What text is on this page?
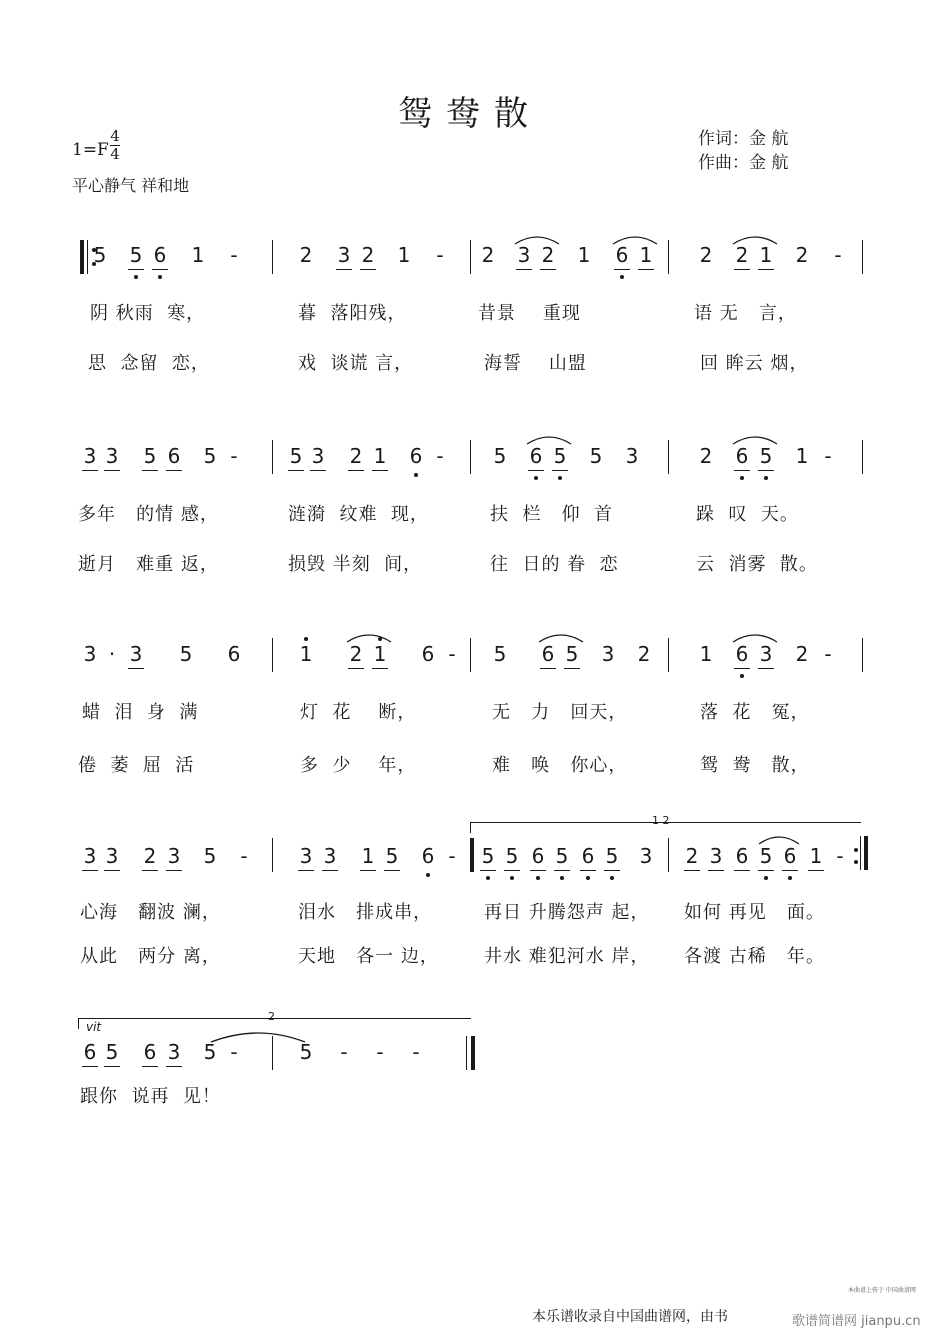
鸳鸯散
1=F
4
4
平心静气 祥和地
作词：金 航
作曲：金 航
5 5 6 1	-	2 3 2 1	-	2 3 2 1 6 1 2 2 1 2	-
阴 秋雨  寒，	暮  落阳残，	昔景    重现	语 无   言，
思  念留  恋，	戏  谈谎 言，	海誓    山盟	回 眸云 烟，
3 3 5 6 5 -	5 3 2 1 6 -	5 6 5 5 3	2 6 5 1 -
多年   的情 感，	涟漪  纹难  现，	扶  栏   仰  首	跺  叹  天。
逝月   难重 返，	损毁 半刻  间，	往  日的 眷  恋	云  消雾  散。
3 · 3 5 6	1 2 1 6 -	5 6 5 3 2 1 6 3 2 -
蜡  泪  身  满	灯  花    断，	无   力   回天，	落  花   冤，
倦  萎  屈  活	多  少    年，	难   唤   你心，	鸳  鸯   散，
1 2
3 3 2 3 5	-	3 3 1 5 6 -	5 5 6 5 6 5 3 2 3 6 5 6 1 -
心海   翻波 澜，	泪水   排成串，	再日 升腾怨声 起， 如何 再见   面。
从此   两分 离，	天地   各一 边，	井水 难犯河水 岸， 各渡 古稀   年。
2
vit
6 5 6 3 5 -	5	-	-	-
跟你  说再  见！
本曲谱上传于 中国曲谱网
本乐谱收录自中国曲谱网，由书	歌谱简谱网 jianpu.cn
